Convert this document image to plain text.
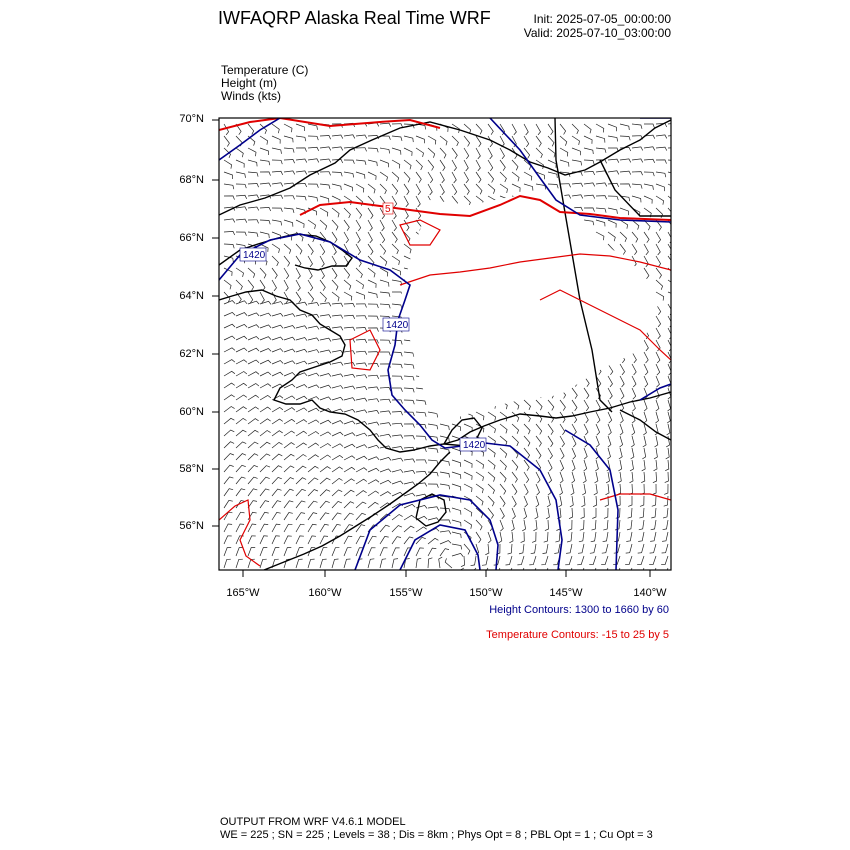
IWFAQRP Alaska Real Time WRF	Init: 2025-07-05_00:00:00
Valid: 2025-07-10_03:00:00
Temperature (C)
Height (m)
Winds (kts)
1420
1420
1420
5
70°N
68°N
66°N
64°N
62°N
60°N
58°N
56°N
165°W	160°W	155°W	150°W	145°W	140°W
Height Contours: 1300 to 1660 by 60
Temperature Contours: -15 to 25 by 5
OUTPUT FROM WRF V4.6.1 MODEL
WE = 225 ; SN = 225 ; Levels = 38 ; Dis = 8km ; Phys Opt = 8 ; PBL Opt = 1 ; Cu Opt = 3
